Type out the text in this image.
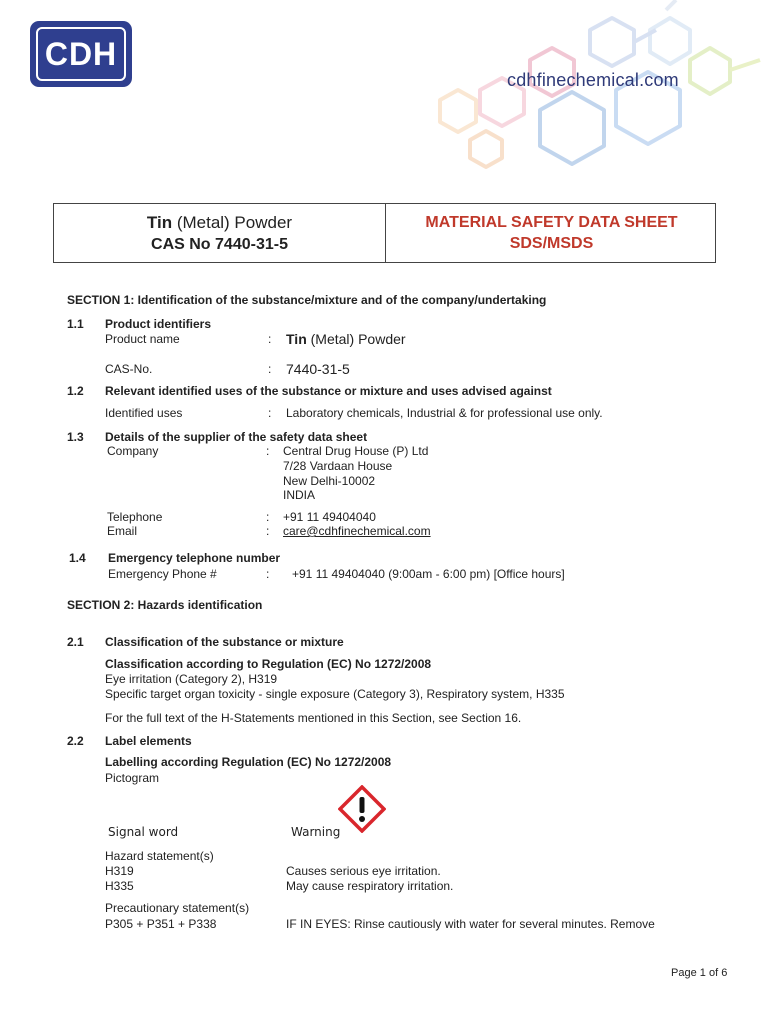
CDH
cdhfinechemical.com
Tin (Metal) Powder
CAS No 7440-31-5
MATERIAL SAFETY DATA SHEET
SDS/MSDS
SECTION 1: Identification of the substance/mixture and of the company/undertaking
1.1 Product identifiers
Product name	: Tin (Metal) Powder
CAS-No.	: 7440-31-5
1.2 Relevant identified uses of the substance or mixture and uses advised against
Identified uses	: Laboratory chemicals, Industrial & for professional use only.
1.3 Details of the supplier of the safety data sheet
Company	: Central Drug House (P) Ltd
7/28 Vardaan House
New Delhi-10002
INDIA
Telephone	: +91 11 49404040
Email	: care@cdhfinechemical.com
1.4 Emergency telephone number
Emergency Phone #	: +91 11 49404040 (9:00am - 6:00 pm) [Office hours]
SECTION 2: Hazards identification
2.1 Classification of the substance or mixture
Classification according to Regulation (EC) No 1272/2008
Eye irritation (Category 2), H319
Specific target organ toxicity - single exposure (Category 3), Respiratory system, H335
For the full text of the H-Statements mentioned in this Section, see Section 16.
2.2 Label elements
Labelling according Regulation (EC) No 1272/2008
Pictogram
Signal word	Warning
Hazard statement(s)
H319	Causes serious eye irritation.
H335	May cause respiratory irritation.
Precautionary statement(s)
P305 + P351 + P338	IF IN EYES: Rinse cautiously with water for several minutes. Remove
Page 1 of 6
